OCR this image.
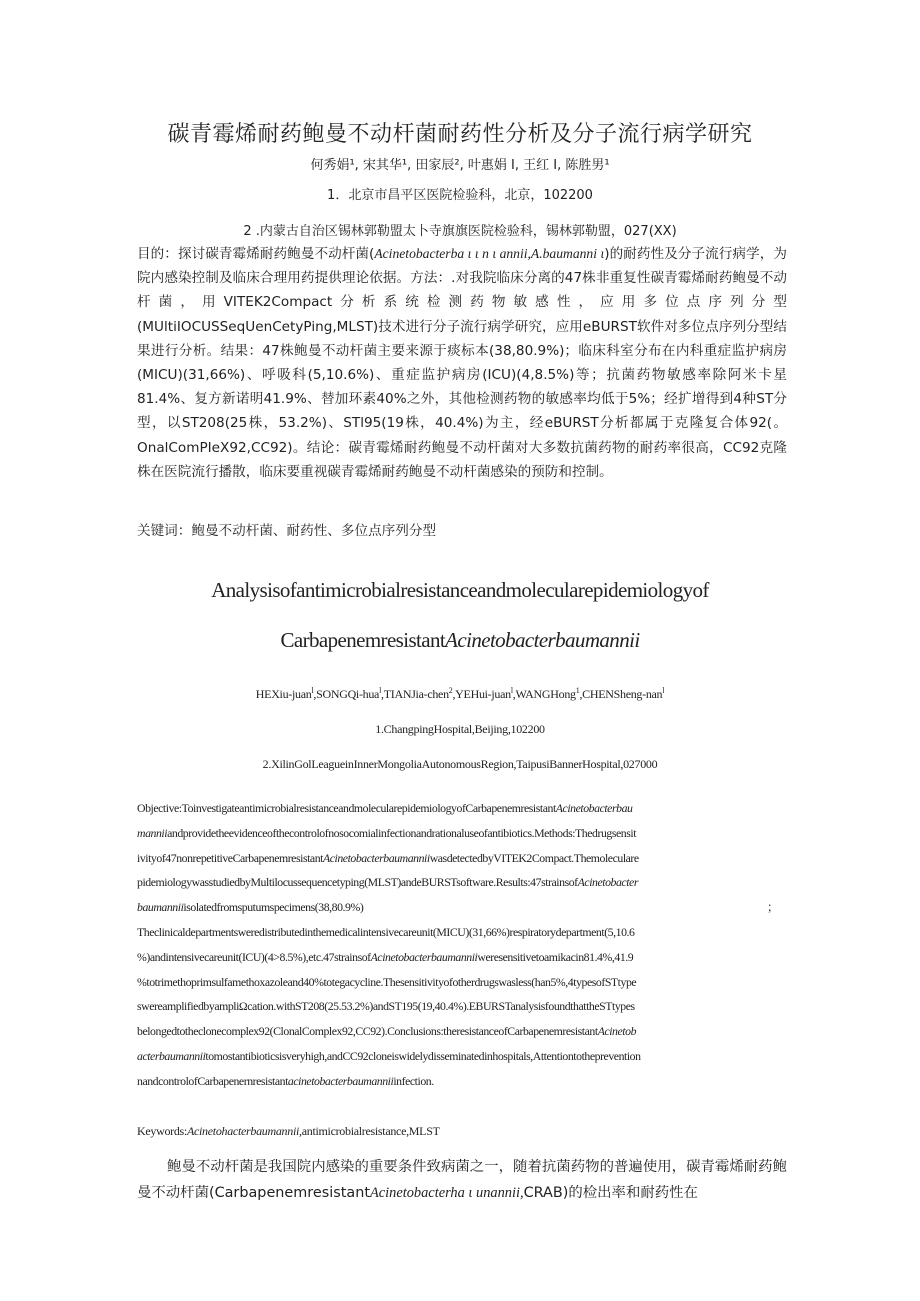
碳青霉烯耐药鲍曼不动杆菌耐药性分析及分子流行病学研究
何秀娟¹, 宋其华¹, 田家辰², 叶惠娟 I, 王红 I, 陈胜男¹
1．北京市昌平区医院检验科，北京，102200
2 .内蒙古自治区锡林郭勒盟太卜寺旗旗医院检验科，锡林郭勒盟，027(XX)
目的：探讨碳青霉烯耐药鲍曼不动杆菌(Acinetobacterba ι ι n ι annii,A.baumanni ι)的耐药性及分子流行病学，为院内感染控制及临床合理用药提供理论依据。方法：.对我院临床分离的47株非重复性碳青霉烯耐药鲍曼不动杆菌，用VITEK2Compact分析系统检测药物敏感性，应用多位点序列分型(MUltiIOCUSSeqUenCetyPing,MLST)技术进行分子流行病学研究，应用eBURST软件对多位点序列分型结果进行分析。结果：47株鲍曼不动杆菌主要来源于痰标本(38,80.9%)；临床科室分布在内科重症监护病房(MICU)(31,66%)、呼吸科(5,10.6%)、重症监护病房(ICU)(4,8.5%)等；抗菌药物敏感率除阿米卡星81.4%、复方新诺明41.9%、替加环素40%之外，其他检测药物的敏感率均低于5%；经扩增得到4种ST分型，以ST208(25株，53.2%)、STl95(19株，40.4%)为主，经eBURST分析都属于克隆复合体92(。OnalComPIeX92,CC92)。结论：碳青霉烯耐药鲍曼不动杆菌对大多数抗菌药物的耐药率很高，CC92克隆株在医院流行播散，临床要重视碳青霉烯耐药鲍曼不动杆菌感染的预防和控制。
关键词：鲍曼不动杆菌、耐药性、多位点序列分型
Analysisofantimicrobialresistanceandmolecularepidemiologyof
CarbapenemresistantAcinetobacterbaumannii
HEXiu-juan$^l$,SONGQi-hua$^l$,TIANJia-chen$^2$,YEHui-juan$^l$,WANGHong$^1$,CHENSheng-nan$^l$
1.ChangpingHospital,Beijing,102200
2.XilinGolLeagueinInnerMongoliaAutonomousRegion,TaipusiBannerHospital,027000
Objective:ToinvestigateantimicrobialresistanceandmolecularepidemiologyofCarbapenemresistantAcinetobacterbau
manniiandprovidetheevidenceofthecontrolofnosocomialinfectionandrationaluseofantibiotics.Methods:Thedrugsensit
ivityof47nonrepetitiveCarbapenemresistantAcinetobacterbaumanniiwasdetectedbyVITEK2Compact.Themoleculare
pidemiologywasstudiedbyMultilocussequencetyping(MLST)andeBURSTsoftware.Results:47strainsofAcinetobacter
baumanniiisolatedfromsputumspecimens(38,80.9%)	；
Theclinicaldepartmentsweredistributedinthemedicalintensivecareunit(MICU)(31,66%)respiratorydepartment(5,10.6
%)andintensivecareunit(ICU)(4>8.5%),etc.47strainsofAcinetobacterbaumanniiweresensitivetoamikacin81.4%,41.9
%totrimethoprimsulfamethoxazoleand40%totegacycline.Thesensitivityofotherdrugswasless(han5%,4typesofSTtype
swereamplifiedbyampliΩcation.withST208(25.53.2%)andST195(19,40.4%).EBURSTanalysisfoundthattheSTtypes
belongedtotheclonecomplex92(ClonalComplex92,CC92).Conclusions:theresistanceofCarbapenemresistantAcinetob
acterbaumanniitomostantibioticsisveryhigh,andCC92cloneiswidelydisseminatedinhospitals,Attentiontotheprevention
nandcontrolofCarbapenernresistantacinetobacterbaumanniiinfection.
Keywords:Acinetohacterbaumannii,antimicrobialresistance,MLST
鲍曼不动杆菌是我国院内感染的重要条件致病菌之一，随着抗菌药物的普遍使用，碳青霉烯耐药鲍曼不动杆菌(CarbapenemresistantAcinetobacterha ι unannii,CRAB)的检出率和耐药性在
